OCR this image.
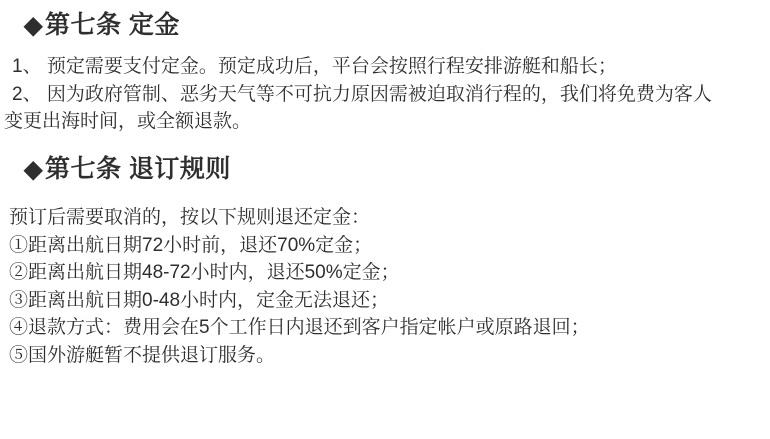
◆第七条 定金
1、 预定需要支付定金。预定成功后，平台会按照行程安排游艇和船长；
2、 因为政府管制、恶劣天气等不可抗力原因需被迫取消行程的，我们将免费为客人
变更出海时间，或全额退款。
◆第七条 退订规则
预订后需要取消的，按以下规则退还定金：
①距离出航日期72小时前，退还70%定金；
②距离出航日期48-72小时内，退还50%定金；
③距离出航日期0-48小时内，定金无法退还；
④退款方式：费用会在5个工作日内退还到客户指定帐户或原路退回；
⑤国外游艇暂不提供退订服务。
